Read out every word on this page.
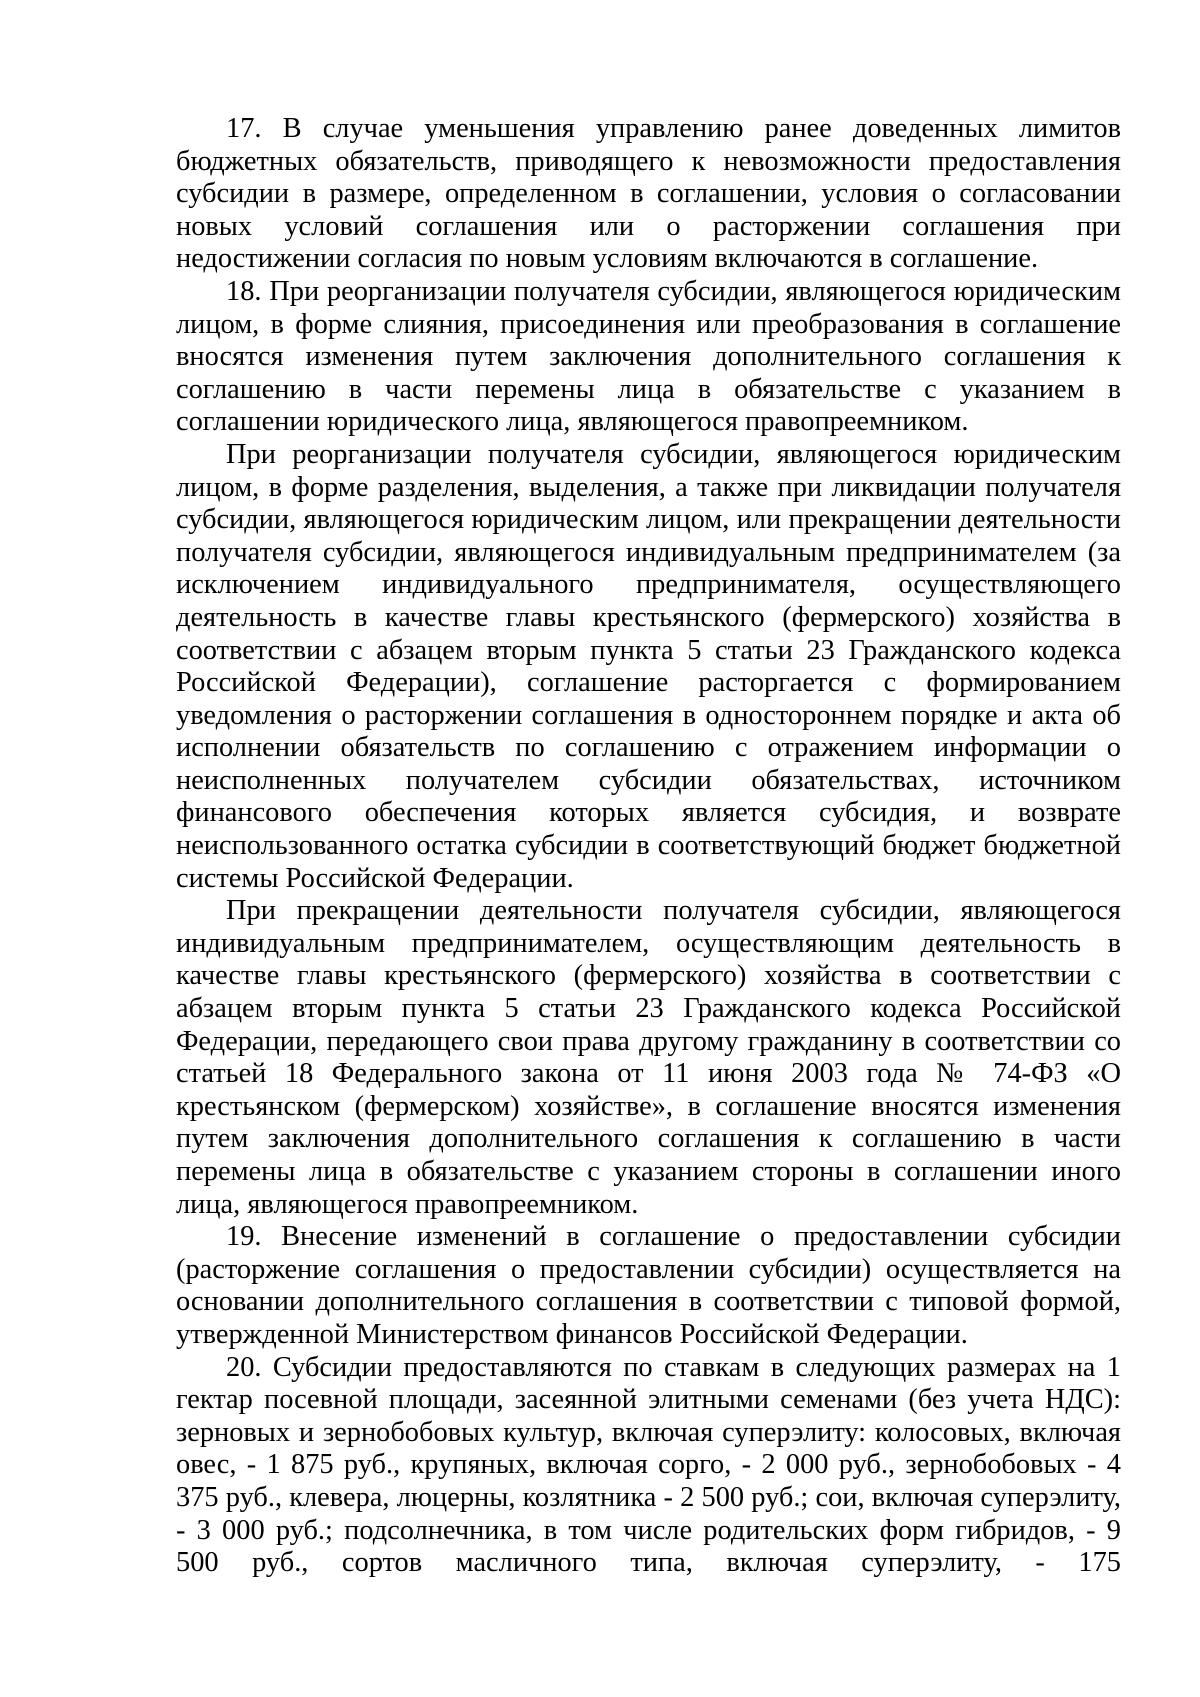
17. В случае уменьшения управлению ранее доведенных лимитов бюджетных обязательств, приводящего к невозможности предоставления субсидии в размере, определенном в соглашении, условия о согласовании новых условий соглашения или о расторжении соглашения при недостижении согласия по новым условиям включаются в соглашение.

18. При реорганизации получателя субсидии, являющегося юридическим лицом, в форме слияния, присоединения или преобразования в соглашение вносятся изменения путем заключения дополнительного соглашения к соглашению в части перемены лица в обязательстве с указанием в соглашении юридического лица, являющегося правопреемником.

При реорганизации получателя субсидии, являющегося юридическим лицом, в форме разделения, выделения, а также при ликвидации получателя субсидии, являющегося юридическим лицом, или прекращении деятельности получателя субсидии, являющегося индивидуальным предпринимателем (за исключением индивидуального предпринимателя, осуществляющего деятельность в качестве главы крестьянского (фермерского) хозяйства в соответствии с абзацем вторым пункта 5 статьи 23 Гражданского кодекса Российской Федерации), соглашение расторгается с формированием уведомления о расторжении соглашения в одностороннем порядке и акта об исполнении обязательств по соглашению с отражением информации о неисполненных получателем субсидии обязательствах, источником финансового обеспечения которых является субсидия, и возврате неиспользованного остатка субсидии в соответствующий бюджет бюджетной системы Российской Федерации.

При прекращении деятельности получателя субсидии, являющегося индивидуальным предпринимателем, осуществляющим деятельность в качестве главы крестьянского (фермерского) хозяйства в соответствии с абзацем вторым пункта 5 статьи 23 Гражданского кодекса Российской Федерации, передающего свои права другому гражданину в соответствии со статьей 18 Федерального закона от 11 июня 2003 года № 74-ФЗ «О крестьянском (фермерском) хозяйстве», в соглашение вносятся изменения путем заключения дополнительного соглашения к соглашению в части перемены лица в обязательстве с указанием стороны в соглашении иного лица, являющегося правопреемником.

19. Внесение изменений в соглашение о предоставлении субсидии (расторжение соглашения о предоставлении субсидии) осуществляется на основании дополнительного соглашения в соответствии с типовой формой, утвержденной Министерством финансов Российской Федерации.

20. Субсидии предоставляются по ставкам в следующих размерах на 1 гектар посевной площади, засеянной элитными семенами (без учета НДС): зерновых и зернобобовых культур, включая суперэлиту: колосовых, включая овес, - 1 875 руб., крупяных, включая сорго, - 2 000 руб., зернобобовых - 4 375 руб., клевера, люцерны, козлятника - 2 500 руб.; сои, включая суперэлиту, - 3 000 руб.; подсолнечника, в том числе родительских форм гибридов, - 9 500 руб., сортов масличного типа, включая суперэлиту, - 175
